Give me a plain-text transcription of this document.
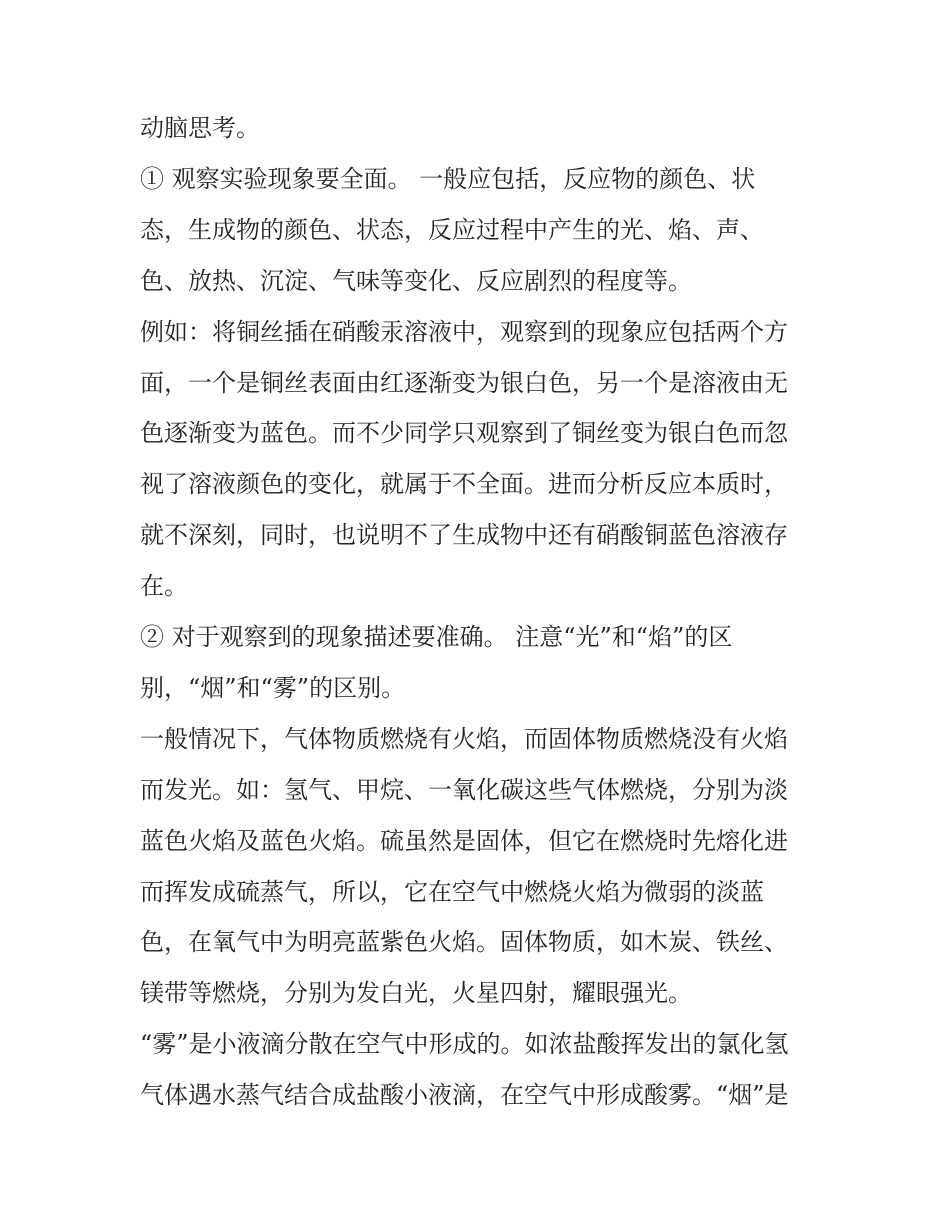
动脑思考。
① 观察实验现象要全面。 一般应包括，反应物的颜色、状
态，生成物的颜色、状态，反应过程中产生的光、焰、声、
色、放热、沉淀、气味等变化、反应剧烈的程度等。
例如：将铜丝插在硝酸汞溶液中，观察到的现象应包括两个方
面，一个是铜丝表面由红逐渐变为银白色，另一个是溶液由无
色逐渐变为蓝色。而不少同学只观察到了铜丝变为银白色而忽
视了溶液颜色的变化，就属于不全面。进而分析反应本质时，
就不深刻，同时，也说明不了生成物中还有硝酸铜蓝色溶液存
在。
② 对于观察到的现象描述要准确。 注意“光”和“焰”的区
别，“烟”和“雾”的区别。
一般情况下，气体物质燃烧有火焰，而固体物质燃烧没有火焰
而发光。如：氢气、甲烷、一氧化碳这些气体燃烧，分别为淡
蓝色火焰及蓝色火焰。硫虽然是固体，但它在燃烧时先熔化进
而挥发成硫蒸气，所以，它在空气中燃烧火焰为微弱的淡蓝
色，在氧气中为明亮蓝紫色火焰。固体物质，如木炭、铁丝、
镁带等燃烧，分别为发白光，火星四射，耀眼强光。
“雾”是小液滴分散在空气中形成的。如浓盐酸挥发出的氯化氢
气体遇水蒸气结合成盐酸小液滴，在空气中形成酸雾。“烟”是
